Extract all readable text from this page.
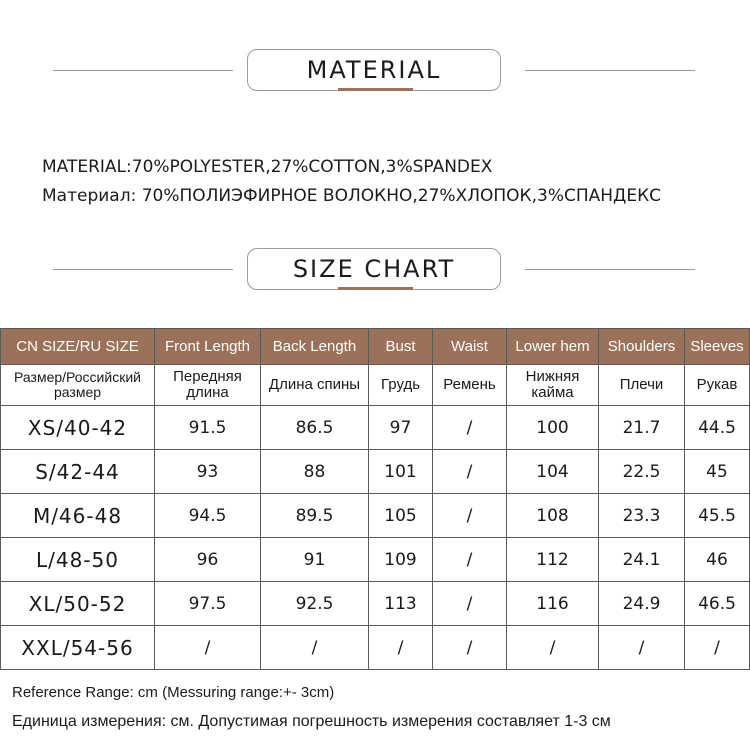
MATERIAL
MATERIAL:70%POLYESTER,27%COTTON,3%SPANDEX
Материал: 70%ПОЛИЭФИРНОЕ ВОЛОКНО,27%ХЛОПОК,3%СПАНДЕКС
SIZE CHART
CN SIZE/RU SIZE	Front Length	Back Length	Bust	Waist	Lower hem	Shoulders	Sleeves
Размер/Российский размер	Передняя длина	Длина спины	Грудь	Ремень	Нижняя кайма	Плечи	Рукав
XS/40-42	91.5	86.5	97	/	100	21.7	44.5
S/42-44	93	88	101	/	104	22.5	45
M/46-48	94.5	89.5	105	/	108	23.3	45.5
L/48-50	96	91	109	/	112	24.1	46
XL/50-52	97.5	92.5	113	/	116	24.9	46.5
XXL/54-56	/	/	/	/	/	/	/
Reference Range: cm (Messuring range:+- 3cm)
Единица измерения: см. Допустимая погрешность измерения составляет 1-3 см
